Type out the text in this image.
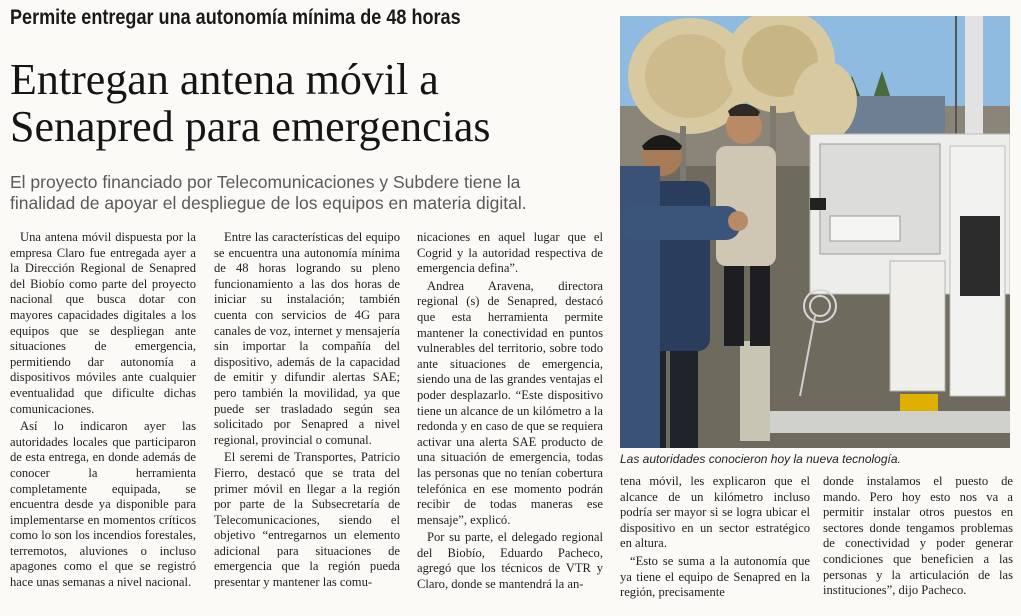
Permite entregar una autonomía mínima de 48 horas
Entregan antena móvil a
Senapred para emergencias
El proyecto financiado por Telecomunicaciones y Subdere tiene la
finalidad de apoyar el despliegue de los equipos en materia digital.

Una antena móvil dispuesta por la empresa Claro fue entregada ayer a la Dirección Regional de Senapred del Biobío como parte del proyecto nacional que busca dotar con mayores capacidades digitales a los equipos que se despliegan ante situaciones de emergencia, permitiendo dar autonomía a dispositivos móviles ante cualquier eventualidad que dificulte dichas comunicaciones.

Así lo indicaron ayer las autoridades locales que participaron de esta entrega, en donde además de conocer la herramienta completamente equipada, se encuentra desde ya disponible para implementarse en momentos críticos como lo son los incendios forestales, terremotos, aluviones o incluso apagones como el que se registró hace unas semanas a nivel nacional.

Entre las características del equipo se encuentra una autonomía mínima de 48 horas logrando su pleno funcionamiento a las dos horas de iniciar su instalación; también cuenta con servicios de 4G para canales de voz, internet y mensajería sin importar la compañía del dispositivo, además de la capacidad de emitir y difundir alertas SAE; pero también la movilidad, ya que puede ser trasladado según sea solicitado por Senapred a nivel regional, provincial o comunal.

El seremi de Transportes, Patricio Fierro, destacó que se trata del primer móvil en llegar a la región por parte de la Subsecretaría de Telecomunicaciones, siendo el objetivo “entregarnos un elemento adicional para situaciones de emergencia que la región pueda presentar y mantener las comu-

nicaciones en aquel lugar que el Cogrid y la autoridad respectiva de emergencia defina”.

Andrea Aravena, directora regional (s) de Senapred, destacó que esta herramienta permite mantener la conectividad en puntos vulnerables del territorio, sobre todo ante situaciones de emergencia, siendo una de las grandes ventajas el poder desplazarlo. “Este dispositivo tiene un alcance de un kilómetro a la redonda y en caso de que se requiera activar una alerta SAE producto de una situación de emergencia, todas las personas que no tenían cobertura telefónica en ese momento podrán recibir de todas maneras ese mensaje”, explicó.

Por su parte, el delegado regional del Biobío, Eduardo Pacheco, agregó que los técnicos de VTR y Claro, donde se mantendrá la an-

Las autoridades conocieron hoy la nueva tecnología.

tena móvil, les explicaron que el alcance de un kilómetro incluso podría ser mayor si se logra ubicar el dispositivo en un sector estratégico en altura.

“Esto se suma a la autonomía que ya tiene el equipo de Senapred en la región, precisamente

donde instalamos el puesto de mando. Pero hoy esto nos va a permitir instalar otros puestos en sectores donde tengamos problemas de conectividad y poder generar condiciones que beneficien a las personas y la articulación de las instituciones”, dijo Pacheco.
